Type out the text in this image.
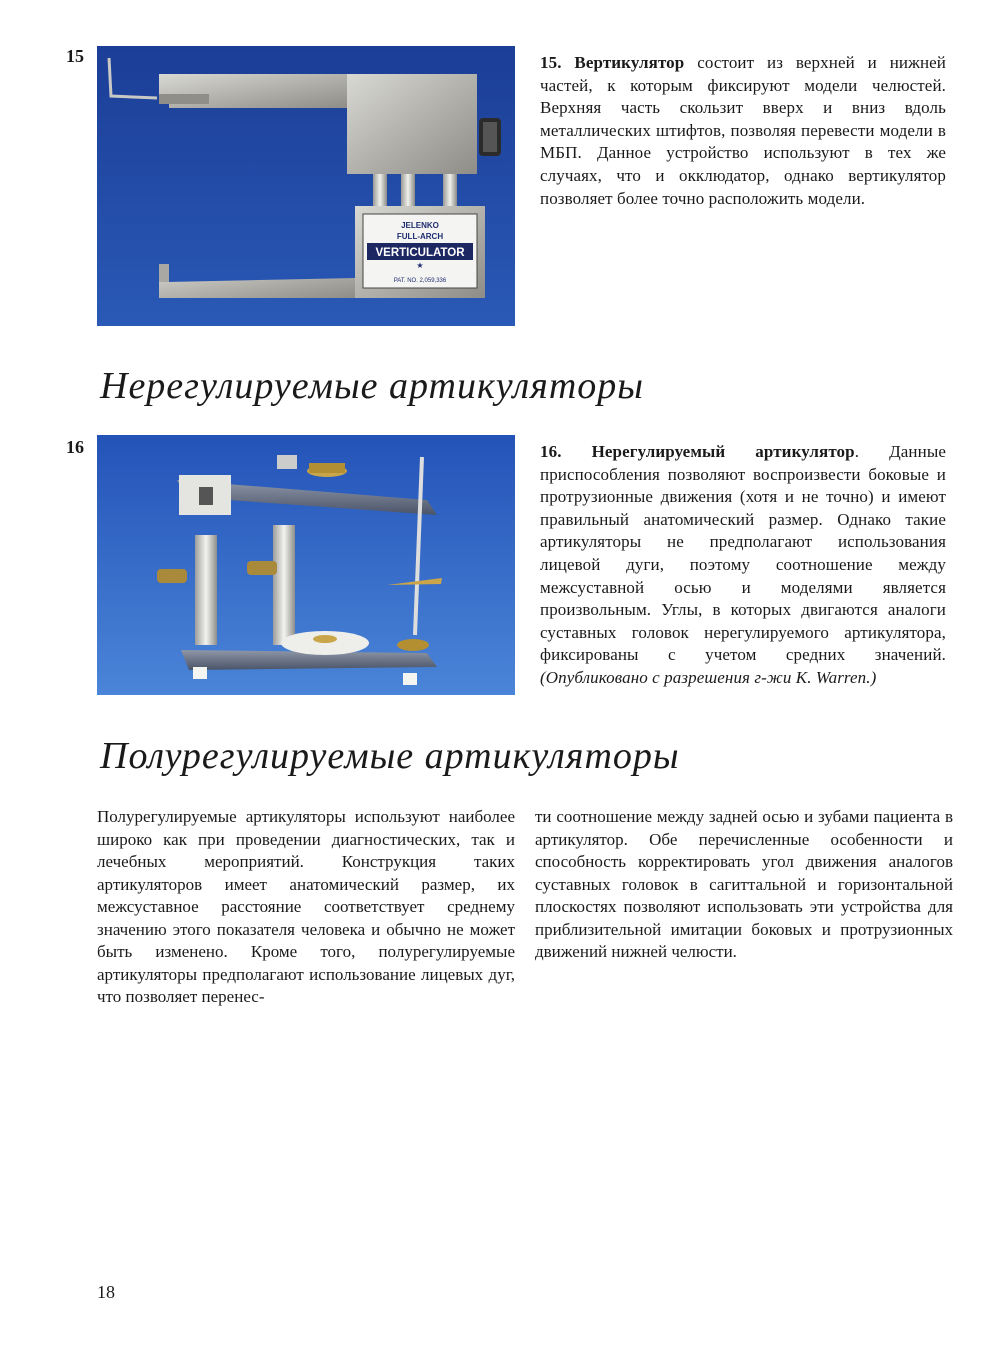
15
JELENKO
FULL-ARCH
VERTICULATOR
★
PAT. NO. 2,059,336
15. Вертикулятор состоит из верхней и нижней частей, к которым фиксируют модели челюстей. Верхняя часть скользит вверх и вниз вдоль металлических штифтов, позволяя перевести модели в МБП. Данное устройство используют в тех же случаях, что и окклюдатор, однако вертикулятор позволяет более точно расположить модели.
Нерегулируемые артикуляторы
16	16. Нерегулируемый артикулятор. Данные приспособления позволяют воспроизвести боковые и протрузионные движения (хотя и не точно) и имеют правильный анатомический размер. Однако такие артикуляторы не предполагают использования лицевой дуги, поэтому соотношение между межсуставной осью и моделями является произвольным. Углы, в которых двигаются аналоги суставных головок нерегулируемого артикулятора, фиксированы с учетом средних значений. (Опубликовано с разрешения г-жи K. Warren.)
Полурегулируемые артикуляторы
Полурегулируемые артикуляторы используют наиболее широко как при проведении диагностических, так и лечебных мероприятий. Конструкция таких артикуляторов имеет анатомический размер, их межсуставное расстояние соответствует среднему значению этого показателя человека и обычно не может быть изменено. Кроме того, полурегулируемые артикуляторы предполагают использование лицевых дуг, что позволяет перенес-
ти соотношение между задней осью и зубами пациента в артикулятор. Обе перечисленные особенности и способность корректировать угол движения аналогов суставных головок в сагиттальной и горизонтальной плоскостях позволяют использовать эти устройства для приблизительной имитации боковых и протрузионных движений нижней челюсти.
18
